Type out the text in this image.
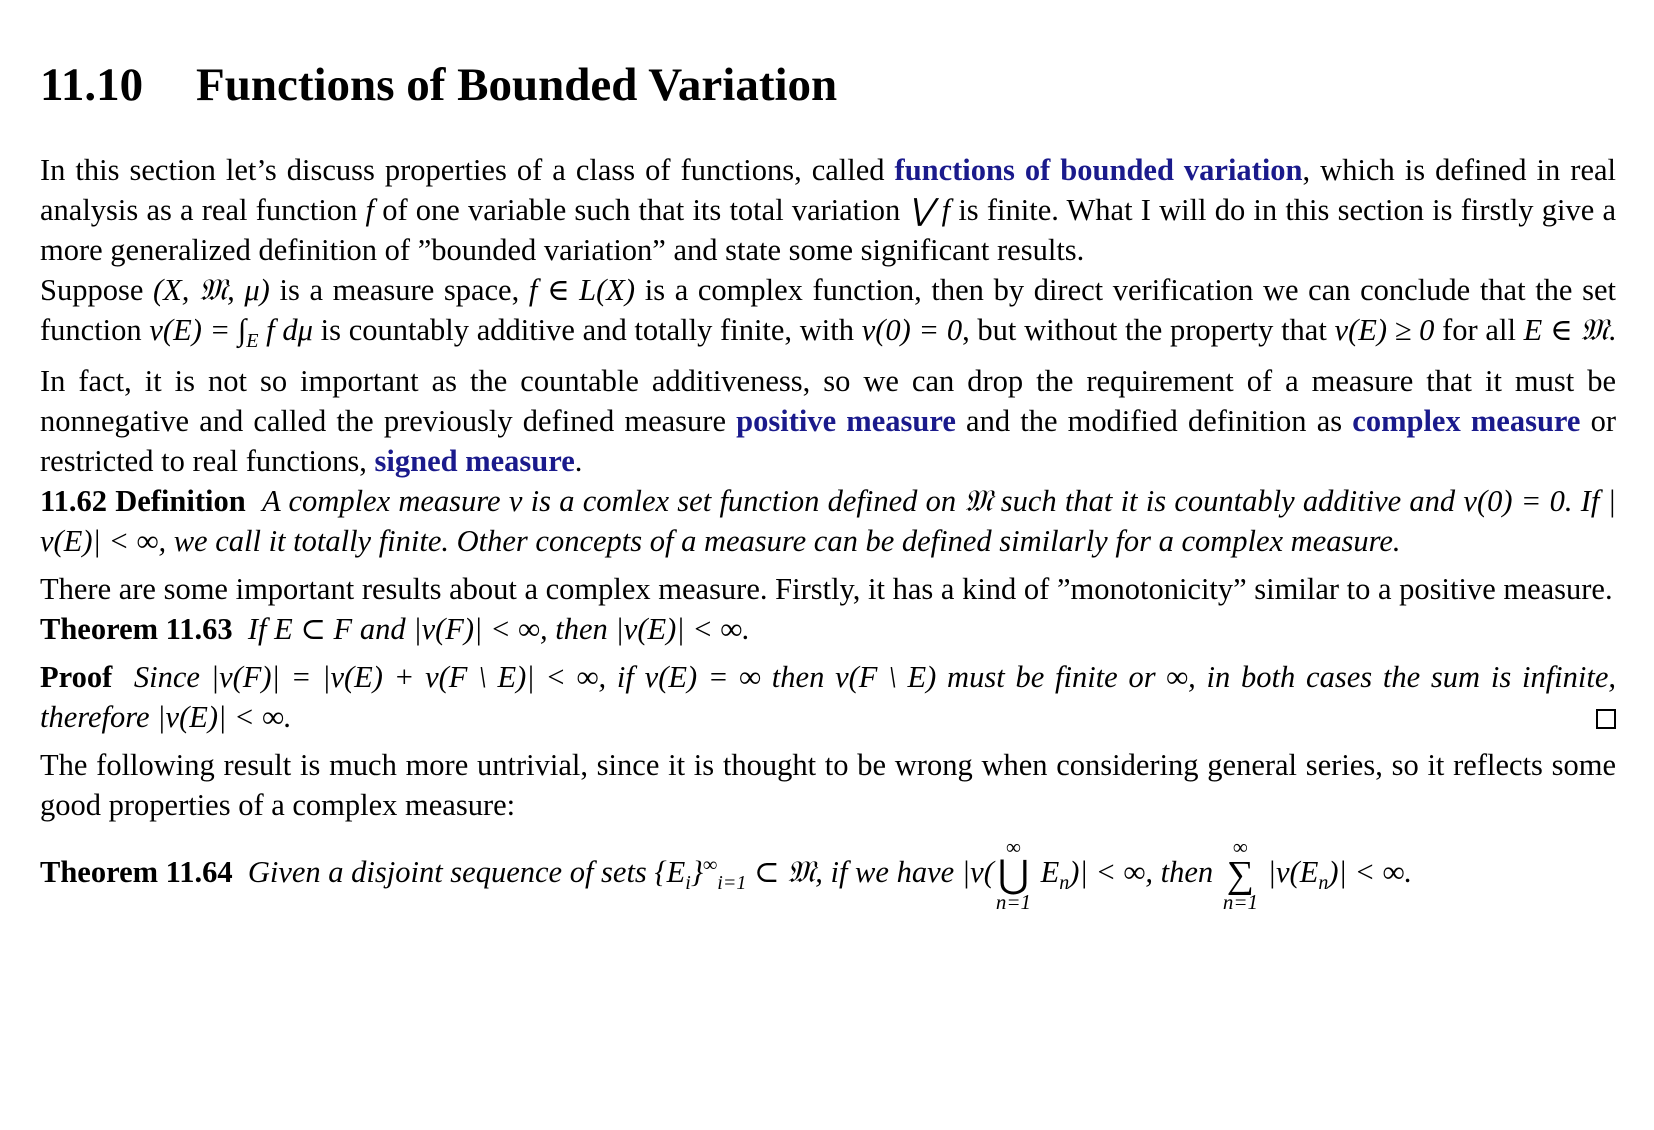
11.10 Functions of Bounded Variation

In this section let’s discuss properties of a class of functions, called functions of bounded variation, which is defined in real analysis as a real function f of one variable such that its total variation ⋁ f is finite. What I will do in this section is firstly give a more generalized definition of ”bounded variation” and state some significant results.

Suppose (X, 𝔐, μ) is a measure space, f ∈ L(X) is a complex function, then by direct verification we can conclude that the set function $\nu(E) = \int_E$ f dμ is countably additive and totally finite, with ν(0) = 0, but without the property that ν(E) ≥ 0 for all E ∈ 𝔐. In fact, it is not so important as the countable additiveness, so we can drop the requirement of a measure that it must be nonnegative and called the previously defined measure positive measure and the modified definition as complex measure or restricted to real functions, signed measure.

11.62 Definition A complex measure ν is a comlex set function defined on 𝔐 such that it is countably additive and ν(0) = 0. If |ν(E)| < ∞, we call it totally finite. Other concepts of a measure can be defined similarly for a complex measure.

There are some important results about a complex measure. Firstly, it has a kind of ”monotonicity” similar to a positive measure.

Theorem 11.63 If E ⊂ F and |ν(F)| < ∞, then |ν(E)| < ∞.

Proof Since |ν(F)| = |ν(E) + ν(F \ E)| < ∞, if ν(E) = ∞ then ν(F \ E) must be finite or ∞, in both cases the sum is infinite, therefore |ν(E)| < ∞.

The following result is much more untrivial, since it is thought to be wrong when considering general series, so it reflects some good properties of a complex measure:

Theorem 11.64 Given a disjoint sequence of sets $\{E_i\}^\infty_{i=1}$ ⊂ 𝔐, if we have |ν(
∞
⋃
n=1
$E_n)|$ < ∞, then
∞
∑
n=1
$|\nu(E_n)|$ < ∞.
